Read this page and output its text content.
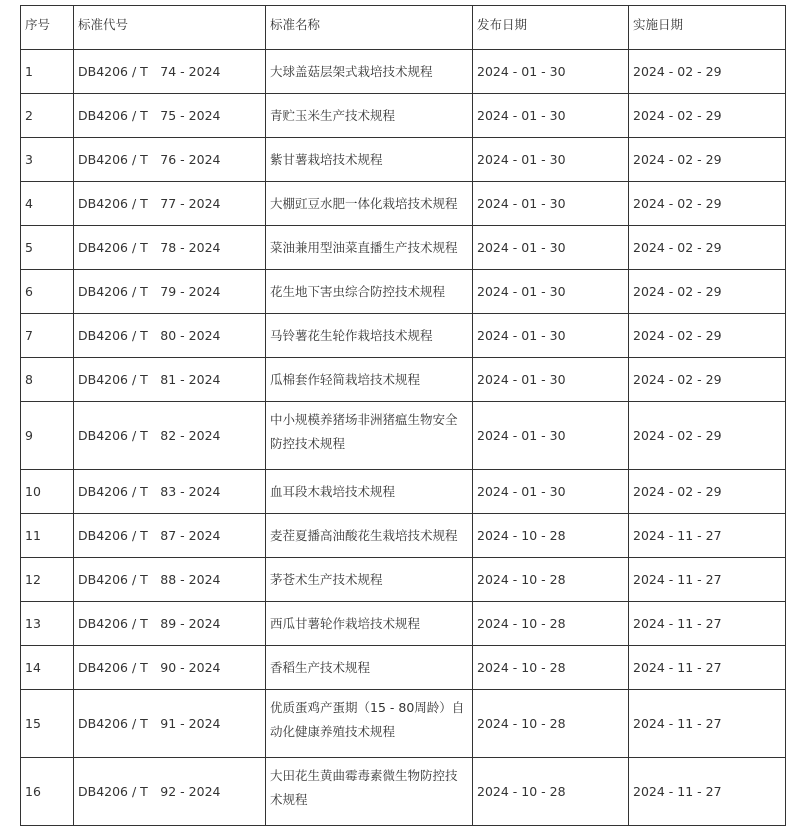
序号	标准代号	标准名称	发布日期	实施日期
1	DB4206 / T　74 - 2024	大球盖菇层架式栽培技术规程	2024 - 01 - 30	2024 - 02 - 29
2	DB4206 / T　75 - 2024	青贮玉米生产技术规程	2024 - 01 - 30	2024 - 02 - 29
3	DB4206 / T　76 - 2024	紫甘薯栽培技术规程	2024 - 01 - 30	2024 - 02 - 29
4	DB4206 / T　77 - 2024	大棚豇豆水肥一体化栽培技术规程	2024 - 01 - 30	2024 - 02 - 29
5	DB4206 / T　78 - 2024	菜油兼用型油菜直播生产技术规程	2024 - 01 - 30	2024 - 02 - 29
6	DB4206 / T　79 - 2024	花生地下害虫综合防控技术规程	2024 - 01 - 30	2024 - 02 - 29
7	DB4206 / T　80 - 2024	马铃薯花生轮作栽培技术规程	2024 - 01 - 30	2024 - 02 - 29
8	DB4206 / T　81 - 2024	瓜棉套作轻简栽培技术规程	2024 - 01 - 30	2024 - 02 - 29
9	DB4206 / T　82 - 2024	中小规模养猪场非洲猪瘟生物安全防控技术规程	2024 - 01 - 30	2024 - 02 - 29
10	DB4206 / T　83 - 2024	血耳段木栽培技术规程	2024 - 01 - 30	2024 - 02 - 29
11	DB4206 / T　87 - 2024	麦茬夏播高油酸花生栽培技术规程	2024 - 10 - 28	2024 - 11 - 27
12	DB4206 / T　88 - 2024	茅苍术生产技术规程	2024 - 10 - 28	2024 - 11 - 27
13	DB4206 / T　89 - 2024	西瓜甘薯轮作栽培技术规程	2024 - 10 - 28	2024 - 11 - 27
14	DB4206 / T　90 - 2024	香稻生产技术规程	2024 - 10 - 28	2024 - 11 - 27
15	DB4206 / T　91 - 2024	优质蛋鸡产蛋期（15 - 80周龄）自动化健康养殖技术规程	2024 - 10 - 28	2024 - 11 - 27
16	DB4206 / T　92 - 2024	大田花生黄曲霉毒素微生物防控技术规程	2024 - 10 - 28	2024 - 11 - 27
